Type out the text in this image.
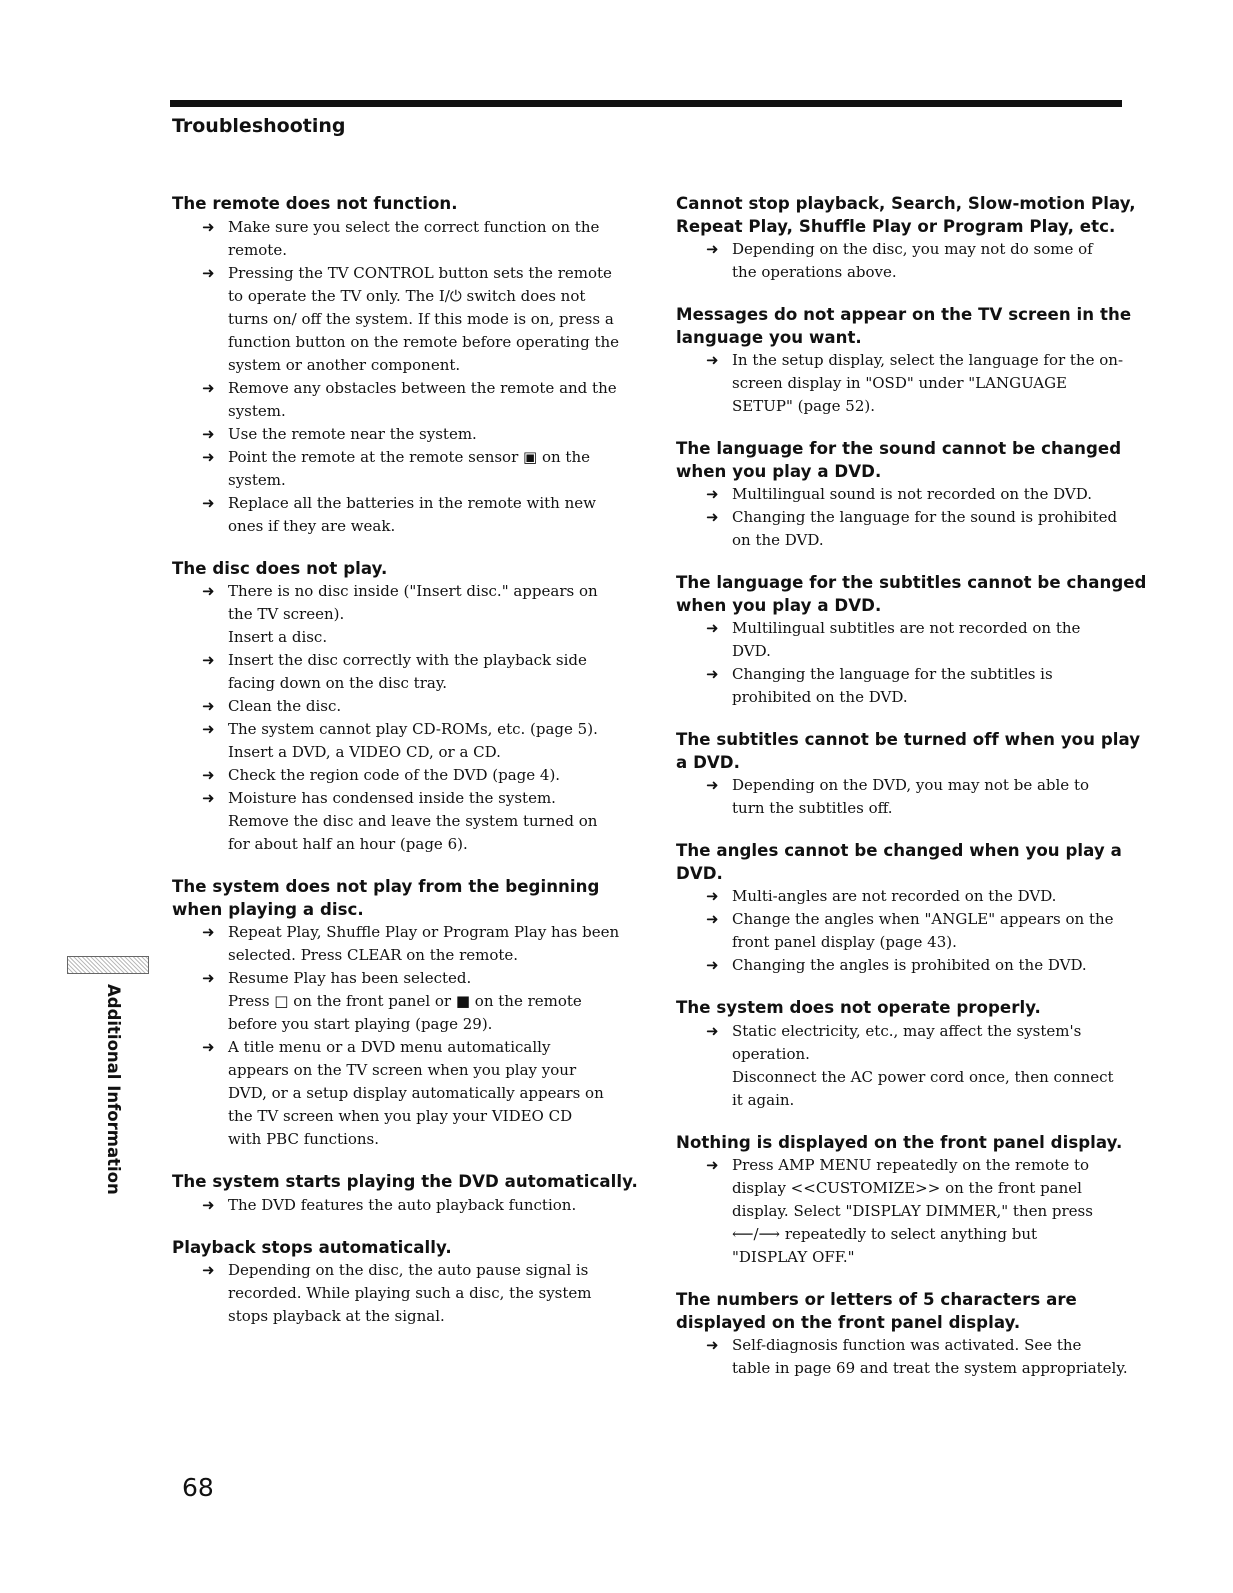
Troubleshooting
The remote does not function.
➜ Make sure you select the correct function on the
remote.
➜ Pressing the TV CONTROL button sets the remote
to operate the TV only. The I/⏻ switch does not
turns on/ off the system. If this mode is on, press a
function button on the remote before operating the
system or another component.
➜ Remove any obstacles between the remote and the
system.
➜ Use the remote near the system.
➜ Point the remote at the remote sensor ▣ on the
system.
➜ Replace all the batteries in the remote with new
ones if they are weak.
The disc does not play.
➜ There is no disc inside ("Insert disc." appears on
the TV screen).
Insert a disc.
➜ Insert the disc correctly with the playback side
facing down on the disc tray.
➜ Clean the disc.
➜ The system cannot play CD-ROMs, etc. (page 5).
Insert a DVD, a VIDEO CD, or a CD.
➜ Check the region code of the DVD (page 4).
➜ Moisture has condensed inside the system.
Remove the disc and leave the system turned on
for about half an hour (page 6).
The system does not play from the beginning
when playing a disc.
➜ Repeat Play, Shuffle Play or Program Play has been
selected. Press CLEAR on the remote.
➜ Resume Play has been selected.
Press □ on the front panel or ■ on the remote
before you start playing (page 29).
➜ A title menu or a DVD menu automatically
appears on the TV screen when you play your
DVD, or a setup display automatically appears on
the TV screen when you play your VIDEO CD
with PBC functions.
The system starts playing the DVD automatically.
➜ The DVD features the auto playback function.
Playback stops automatically.
➜ Depending on the disc, the auto pause signal is
recorded. While playing such a disc, the system
stops playback at the signal.
Cannot stop playback, Search, Slow-motion Play,
Repeat Play, Shuffle Play or Program Play, etc.
➜ Depending on the disc, you may not do some of
the operations above.
Messages do not appear on the TV screen in the
language you want.
➜ In the setup display, select the language for the on-
screen display in "OSD" under "LANGUAGE
SETUP" (page 52).
The language for the sound cannot be changed
when you play a DVD.
➜ Multilingual sound is not recorded on the DVD.
➜ Changing the language for the sound is prohibited
on the DVD.
The language for the subtitles cannot be changed
when you play a DVD.
➜ Multilingual subtitles are not recorded on the
DVD.
➜ Changing the language for the subtitles is
prohibited on the DVD.
The subtitles cannot be turned off when you play
a DVD.
➜ Depending on the DVD, you may not be able to
turn the subtitles off.
The angles cannot be changed when you play a
DVD.
➜ Multi-angles are not recorded on the DVD.
➜ Change the angles when "ANGLE" appears on the
front panel display (page 43).
➜ Changing the angles is prohibited on the DVD.
The system does not operate properly.
➜ Static electricity, etc., may affect the system's
operation.
Disconnect the AC power cord once, then connect
it again.
Nothing is displayed on the front panel display.
➜ Press AMP MENU repeatedly on the remote to
display <<CUSTOMIZE>> on the front panel
display. Select "DISPLAY DIMMER," then press
⟵/⟶ repeatedly to select anything but
"DISPLAY OFF."
The numbers or letters of 5 characters are
displayed on the front panel display.
➜ Self-diagnosis function was activated. See the
table in page 69 and treat the system appropriately.
Additional Information

68
